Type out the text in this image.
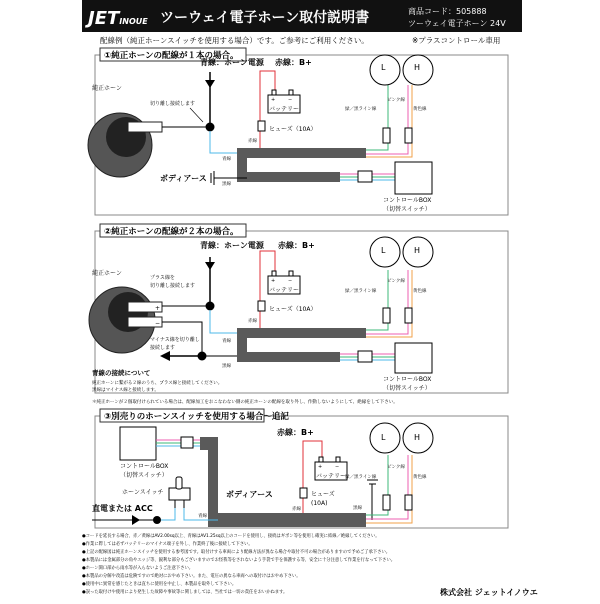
JETINOUE ツーウェイ電子ホーン取付説明書	商品コード：505888
ツーウェイ電子ホーン 24V
配線例（純正ホーンスイッチを使用する場合）です。ご参考にご利用ください。	※プラスコントロール車用
①純正ホーンの配線が１本の場合。
青線：ホーン電源 赤線：B+
純正ホーン
切り離し接続します
ヒューズ（10A）
赤線
+	−
バッテリー
青線
黒線
ボディアース
緑／黒ライン線
ピンク線
黄色線
L	H
コントロールBOX
（切替スイッチ）
②純正ホーンの配線が２本の場合。
青線：ホーン電源 赤線：B+
純正ホーン
+
−
プラス線を
切り離し接続します
マイナス線を切り離し
接続します
ヒューズ（10A）
赤線
+	−
バッテリー
青線
黒線
緑／黒ライン線
ピンク線
黄色線
L	H
コントロールBOX
（切替スイッチ）
青線の接続について
純正ホーンに繋がる２線のうち、プラス線と接続してください。
黒線はマイナス線と接続します。
＊純正ホーンが２個取付けられている場合は、配線加工をおこなわない側の純正ホーンの配線を取り外し、作動しないようにして、絶縁をして下さい。
③別売りのホーンスイッチを使用する場合〜追記
赤線：B+
コントロールBOX
（切替スイッチ）
ホーンスイッチ
直電または ACC
青線
ヒューズ
(10A)
赤線
+	−
バッテリー
黒線
ボディアース
緑／黒ライン線
ピンク線
黄色線
L	H
●コードを延長する場合、赤／黄線はAV2.00sq以上、青線はAV1.25sq以上のコードを使用し、接続はギボン等を使用し確実に結線／絶縁してください。
●作業に際しては必ずバッテリーのマイナス端子を外し、作業終了後に接続して下さい。
●上記の配線図は純正ホーンスイッチを使用する参考図です。取付けする車両により配線方法が異なる場合や取付不可の場合がありますので予めご了承下さい。
●本製品には金属部分の角やエッジ等、鋭利な部分もございますのでお怪我等をされないよう手袋で手を保護する等、安全に十分注意して作業を行なって下さい。
●ホーン開口部から雨水等が入らないようご注意下さい。
●本製品の分解や改造は危険ですので絶対におやめ下さい。また、電圧の異なる車両への取付けはおやめ下さい。
●使用中に異常を感じたときは直ちに使用を中止し、本製品を取外して下さい。
●誤った取付けや使用により発生した故障や事故等に関しましては、当社では一切の責任をおいかねます。	株式会社 ジェットイノウエ
